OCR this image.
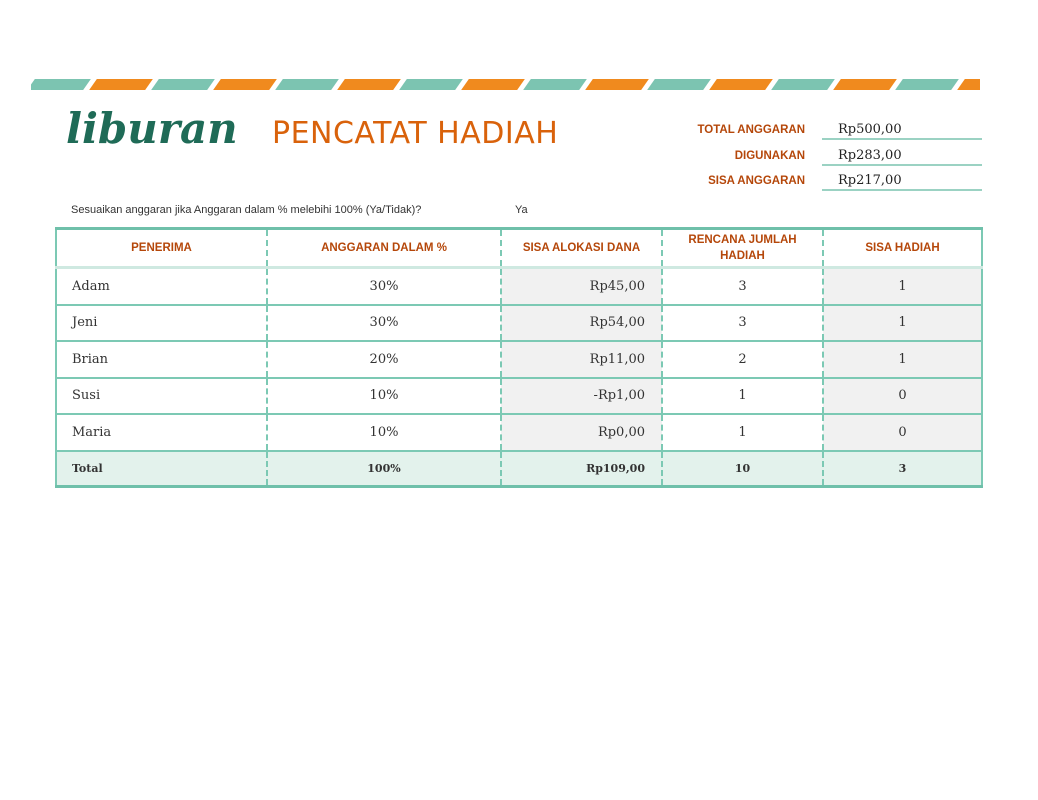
liburan PENCATAT HADIAH	TOTAL ANGGARAN	Rp500,00
DIGUNAKAN	Rp283,00
SISA ANGGARAN	Rp217,00
Sesuaikan anggaran jika Anggaran dalam % melebihi 100% (Ya/Tidak)?	Ya
PENERIMA	ANGGARAN DALAM %	SISA ALOKASI DANA	RENCANA JUMLAH HADIAH	SISA HADIAH
Adam	30%	Rp45,00	3	1
Jeni	30%	Rp54,00	3	1
Brian	20%	Rp11,00	2	1
Susi	10%	-Rp1,00	1	0
Maria	10%	Rp0,00	1	0
Total	100%	Rp109,00	10	3
